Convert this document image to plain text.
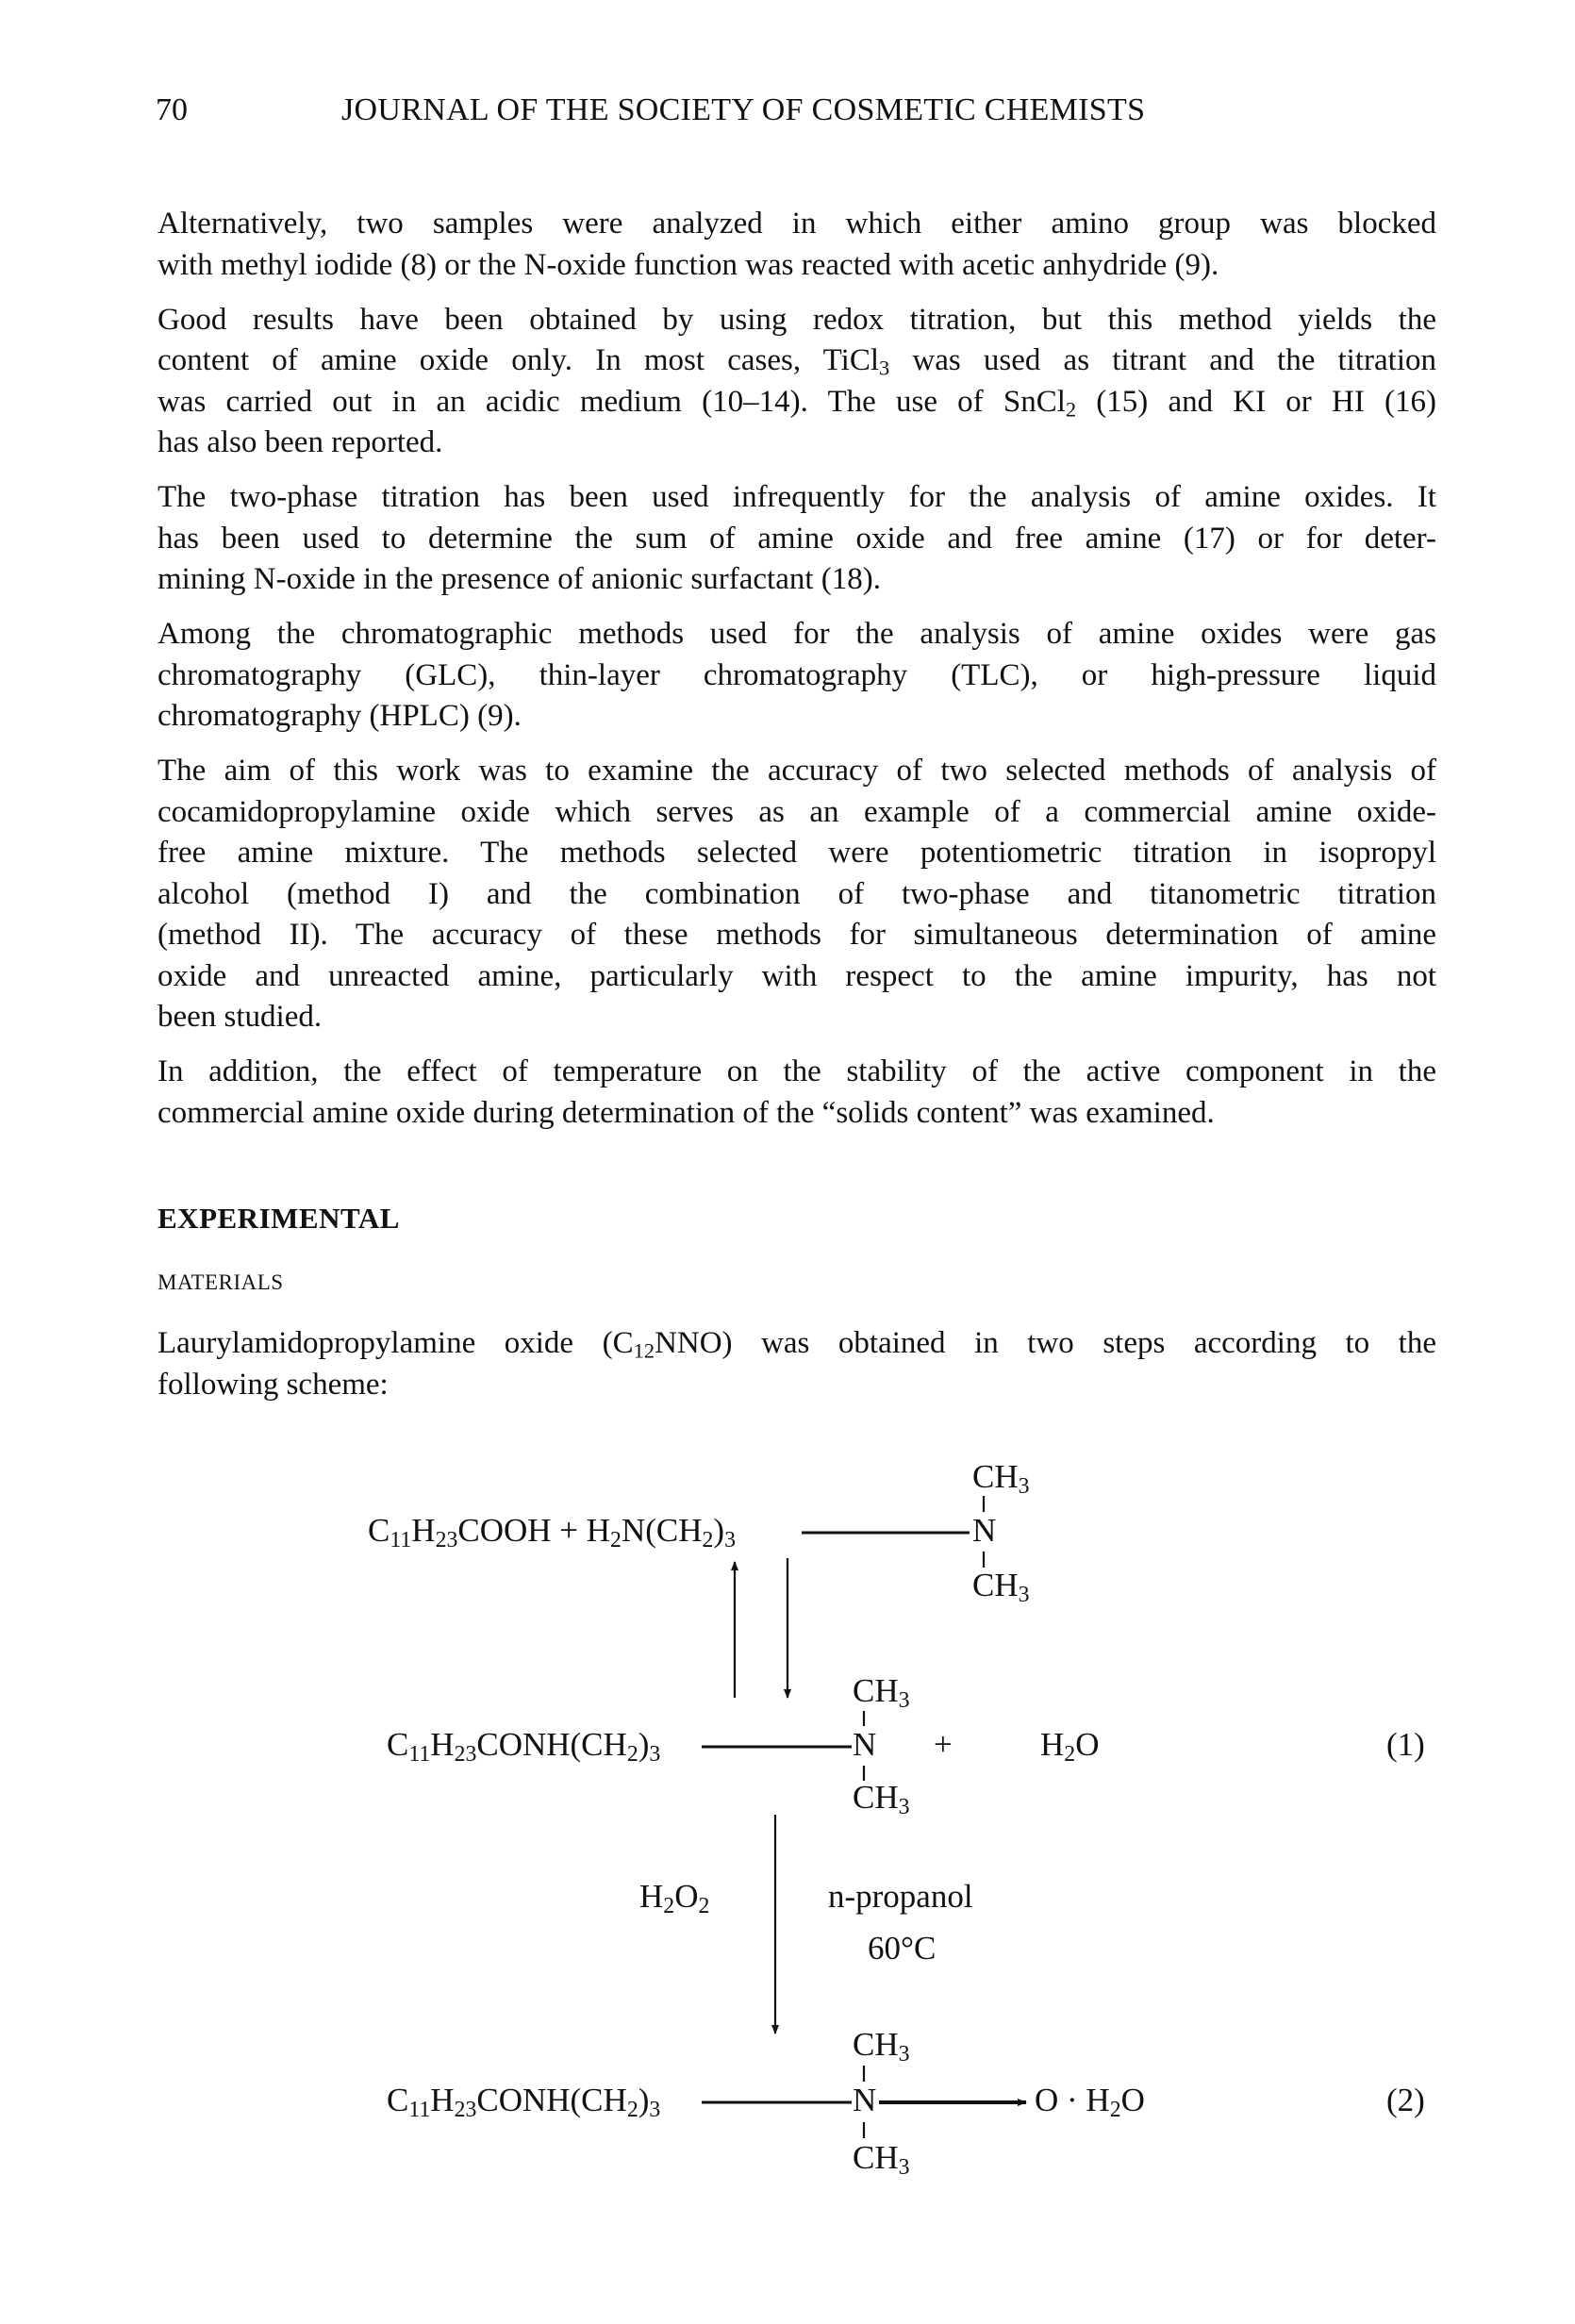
70	JOURNAL OF THE SOCIETY OF COSMETIC CHEMISTS
Alternatively, two samples were analyzed in which either amino group was blocked
with methyl iodide (8) or the N-oxide function was reacted with acetic anhydride (9).
Good results have been obtained by using redox titration, but this method yields the
content of amine oxide only. In most cases, TiCl$_3$ was used as titrant and the titration
was carried out in an acidic medium (10–14). The use of SnCl$_2$ (15) and KI or HI (16)
has also been reported.
The two-phase titration has been used infrequently for the analysis of amine oxides. It
has been used to determine the sum of amine oxide and free amine (17) or for deter-
mining N-oxide in the presence of anionic surfactant (18).
Among the chromatographic methods used for the analysis of amine oxides were gas
chromatography (GLC), thin-layer chromatography (TLC), or high-pressure liquid
chromatography (HPLC) (9).
The aim of this work was to examine the accuracy of two selected methods of analysis of
cocamidopropylamine oxide which serves as an example of a commercial amine oxide-
free amine mixture. The methods selected were potentiometric titration in isopropyl
alcohol (method I) and the combination of two-phase and titanometric titration
(method II). The accuracy of these methods for simultaneous determination of amine
oxide and unreacted amine, particularly with respect to the amine impurity, has not
been studied.
In addition, the effect of temperature on the stability of the active component in the
commercial amine oxide during determination of the “solids content” was examined.
EXPERIMENTAL
MATERIALS
Laurylamidopropylamine oxide $(C_{12}NNO)$ was obtained in two steps according to the
following scheme:
$C_{11}H_{23}COOH + H_2N(CH_2)_3$
$CH_3$
N
$CH_3$
$C_{11}H_{23}CONH(CH_2)_3$
$CH_3$
N
$CH_3$
+	$H_2O$	(1)
$H_2O_2$	n-propanol
60°C
$C_{11}H_{23}CONH(CH_2)_3$
$CH_3$
N
$CH_3$
$O \cdot H_2O$	(2)
